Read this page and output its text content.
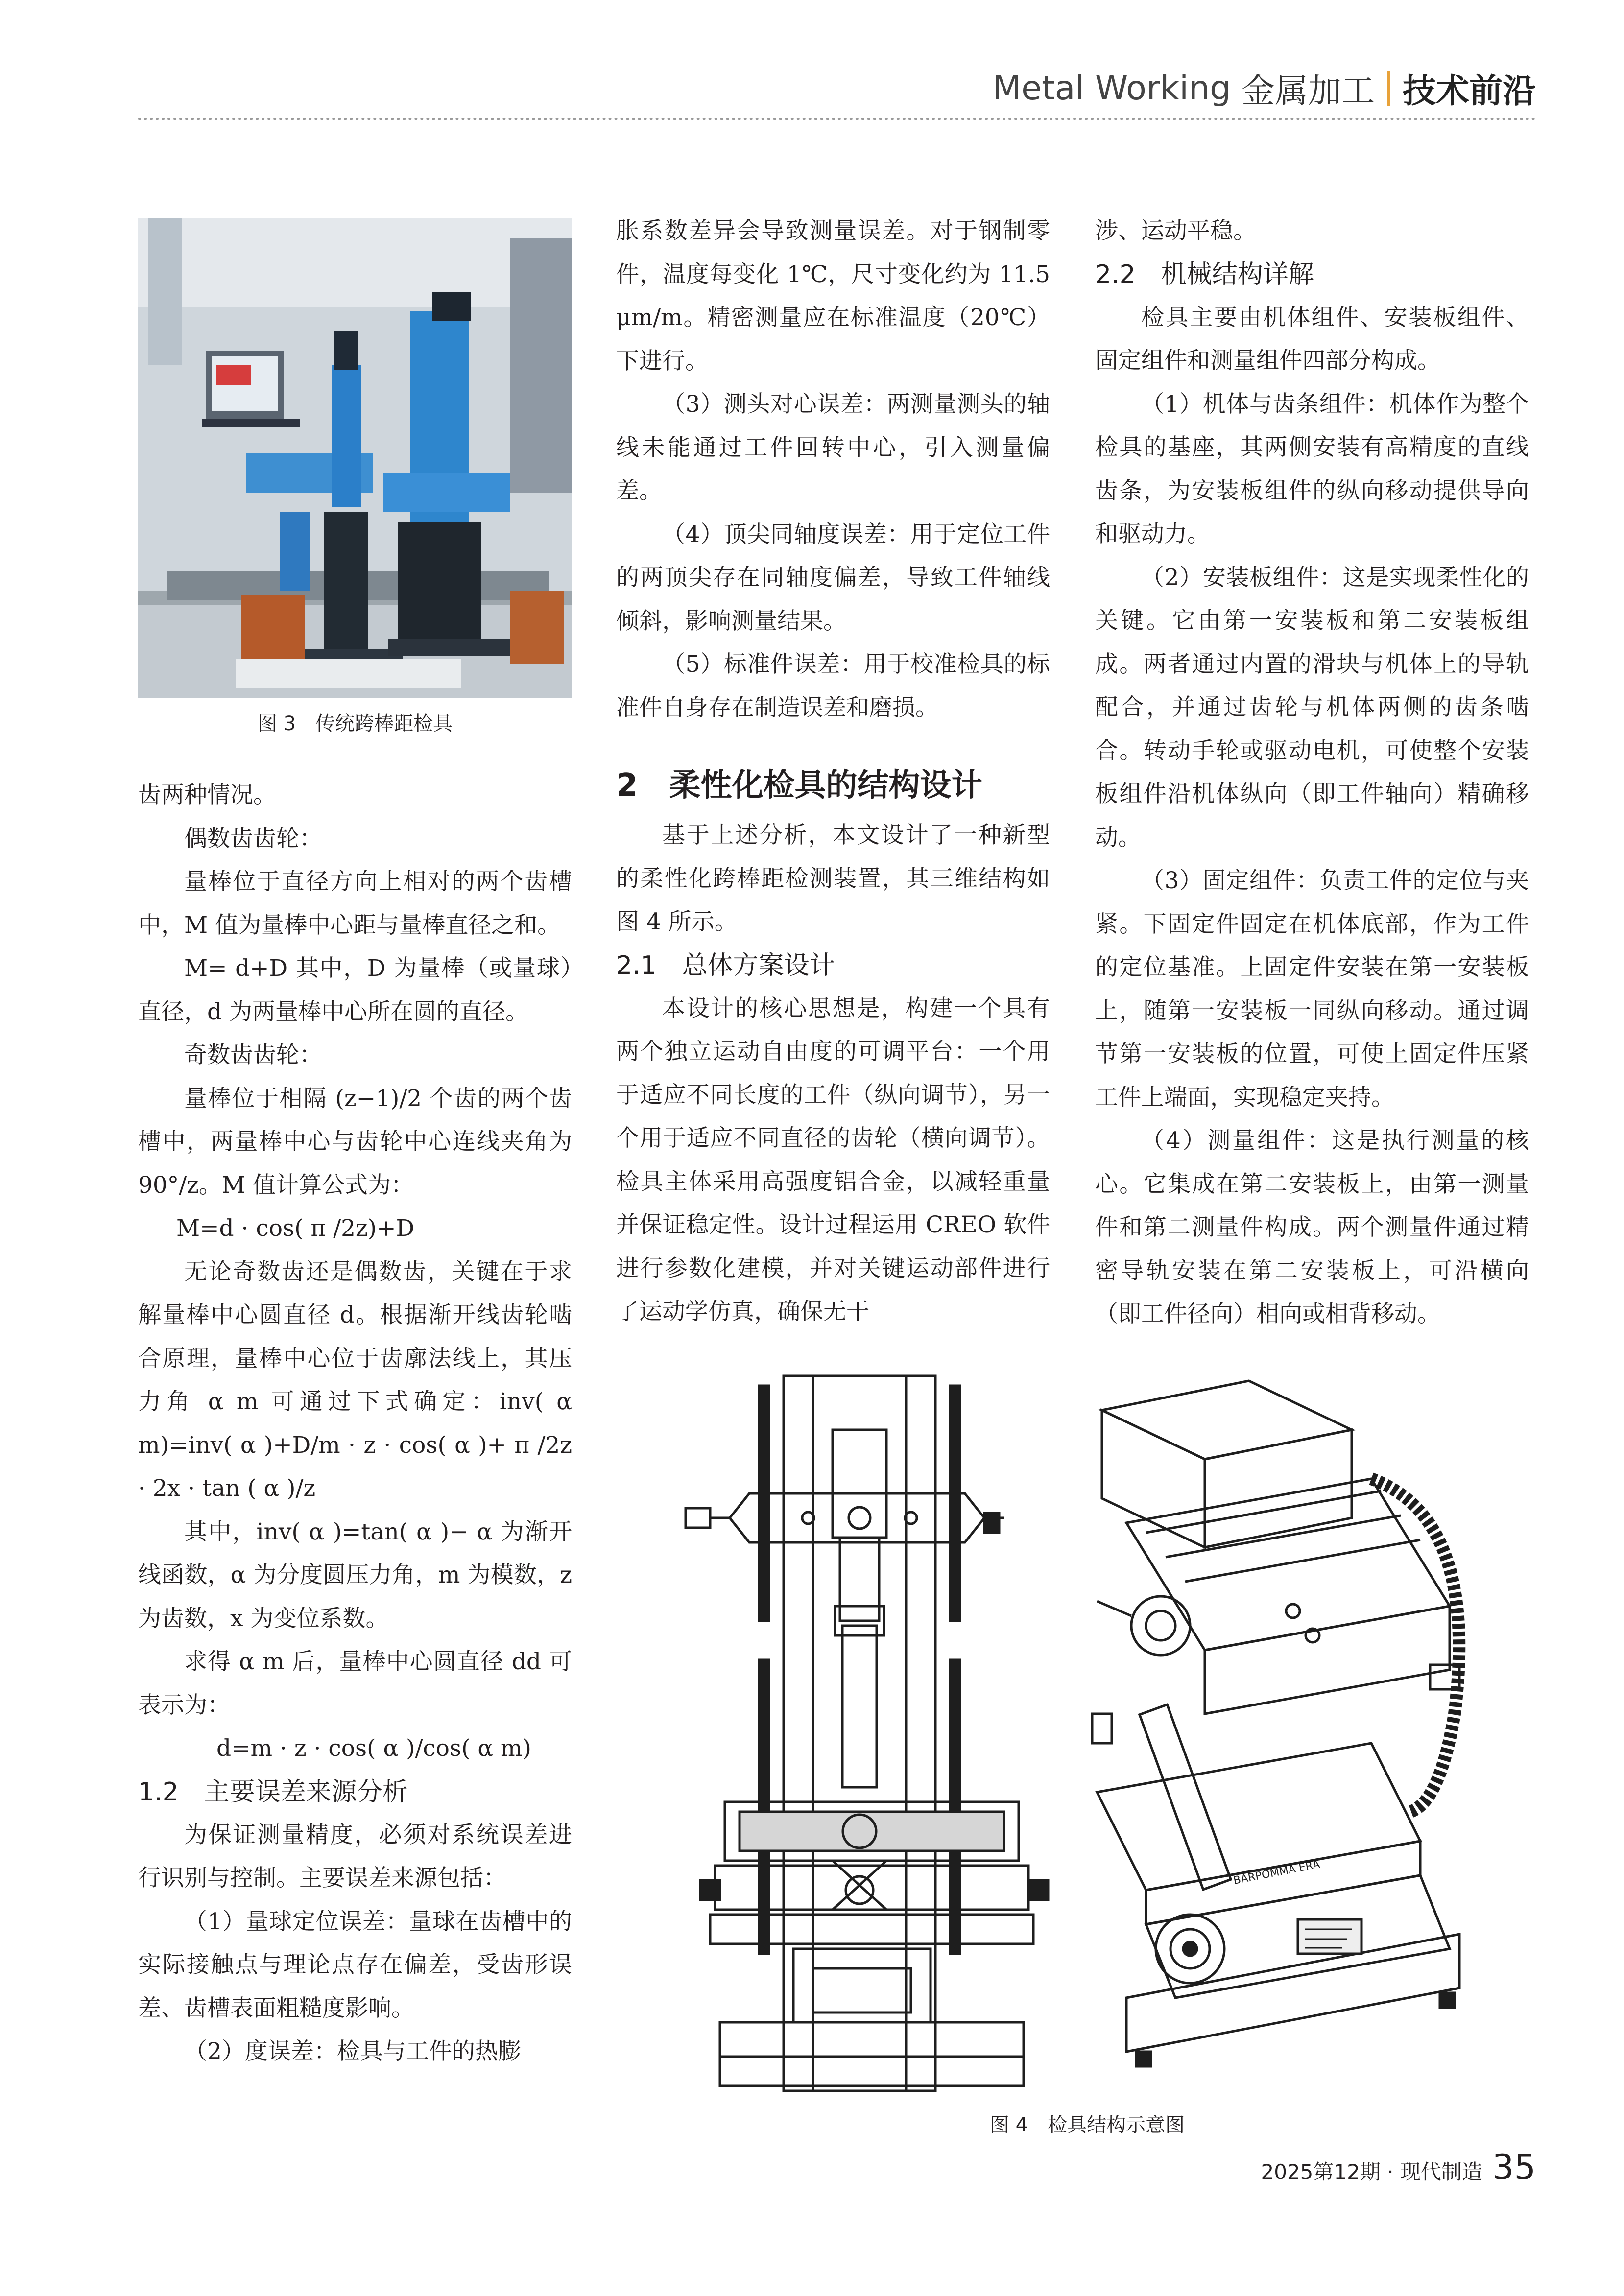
Metal Working
金属加工 技术前沿
图 3　传统跨棒距检具

齿两种情况。

偶数齿齿轮：

量棒位于直径方向上相对的两个齿槽中，M 值为量棒中心距与量棒直径之和。

M= d+D 其中，D 为量棒（或量球）直径，d 为两量棒中心所在圆的直径。

奇数齿齿轮：

量棒位于相隔 (z−1)/2 个齿的两个齿槽中，两量棒中心与齿轮中心连线夹角为 90°/z。M 值计算公式为：

M=d · cos( π /2z)+D

无论奇数齿还是偶数齿，关键在于求解量棒中心圆直径 d。根据渐开线齿轮啮合原理，量棒中心位于齿廓法线上，其压力角 α m 可通过下式确定：inv( α m)=inv( α )+D/m · z · cos( α )+ π /2z · 2x · tan ( α )/z

其中，inv( α )=tan( α )− α 为渐开线函数，α 为分度圆压力角，m 为模数，z 为齿数，x 为变位系数。

求得 α m 后，量棒中心圆直径 dd 可表示为：

d=m · z · cos( α )/cos( α m)

1.2　主要误差来源分析

为保证测量精度，必须对系统误差进行识别与控制。主要误差来源包括：

（1）量球定位误差：量球在齿槽中的实际接触点与理论点存在偏差，受齿形误差、齿槽表面粗糙度影响。

（2）度误差：检具与工件的热膨

胀系数差异会导致测量误差。对于钢制零件，温度每变化 1℃，尺寸变化约为 11.5 μm/m。精密测量应在标准温度（20℃）下进行。

（3）测头对心误差：两测量测头的轴线未能通过工件回转中心，引入测量偏差。

（4）顶尖同轴度误差：用于定位工件的两顶尖存在同轴度偏差，导致工件轴线倾斜，影响测量结果。

（5）标准件误差：用于校准检具的标准件自身存在制造误差和磨损。

2　柔性化检具的结构设计

基于上述分析，本文设计了一种新型的柔性化跨棒距检测装置，其三维结构如图 4 所示。

2.1　总体方案设计

本设计的核心思想是，构建一个具有两个独立运动自由度的可调平台：一个用于适应不同长度的工件（纵向调节），另一个用于适应不同直径的齿轮（横向调节）。检具主体采用高强度铝合金，以减轻重量并保证稳定性。设计过程运用 CREO 软件进行参数化建模，并对关键运动部件进行了运动学仿真，确保无干

涉、运动平稳。

2.2　机械结构详解

检具主要由机体组件、安装板组件、固定组件和测量组件四部分构成。

（1）机体与齿条组件：机体作为整个检具的基座，其两侧安装有高精度的直线齿条，为安装板组件的纵向移动提供导向和驱动力。

（2）安装板组件：这是实现柔性化的关键。它由第一安装板和第二安装板组成。两者通过内置的滑块与机体上的导轨配合，并通过齿轮与机体两侧的齿条啮合。转动手轮或驱动电机，可使整个安装板组件沿机体纵向（即工件轴向）精确移动。

（3）固定组件：负责工件的定位与夹紧。下固定件固定在机体底部，作为工件的定位基准。上固定件安装在第一安装板上，随第一安装板一同纵向移动。通过调节第一安装板的位置，可使上固定件压紧工件上端面，实现稳定夹持。

（4）测量组件：这是执行测量的核心。它集成在第二安装板上，由第一测量件和第二测量件构成。两个测量件通过精密导轨安装在第二安装板上，可沿横向（即工件径向）相向或相背移动。

BARPOMMA ERA
图 4　检具结构示意图
2025第12期
·
现代制造 35
